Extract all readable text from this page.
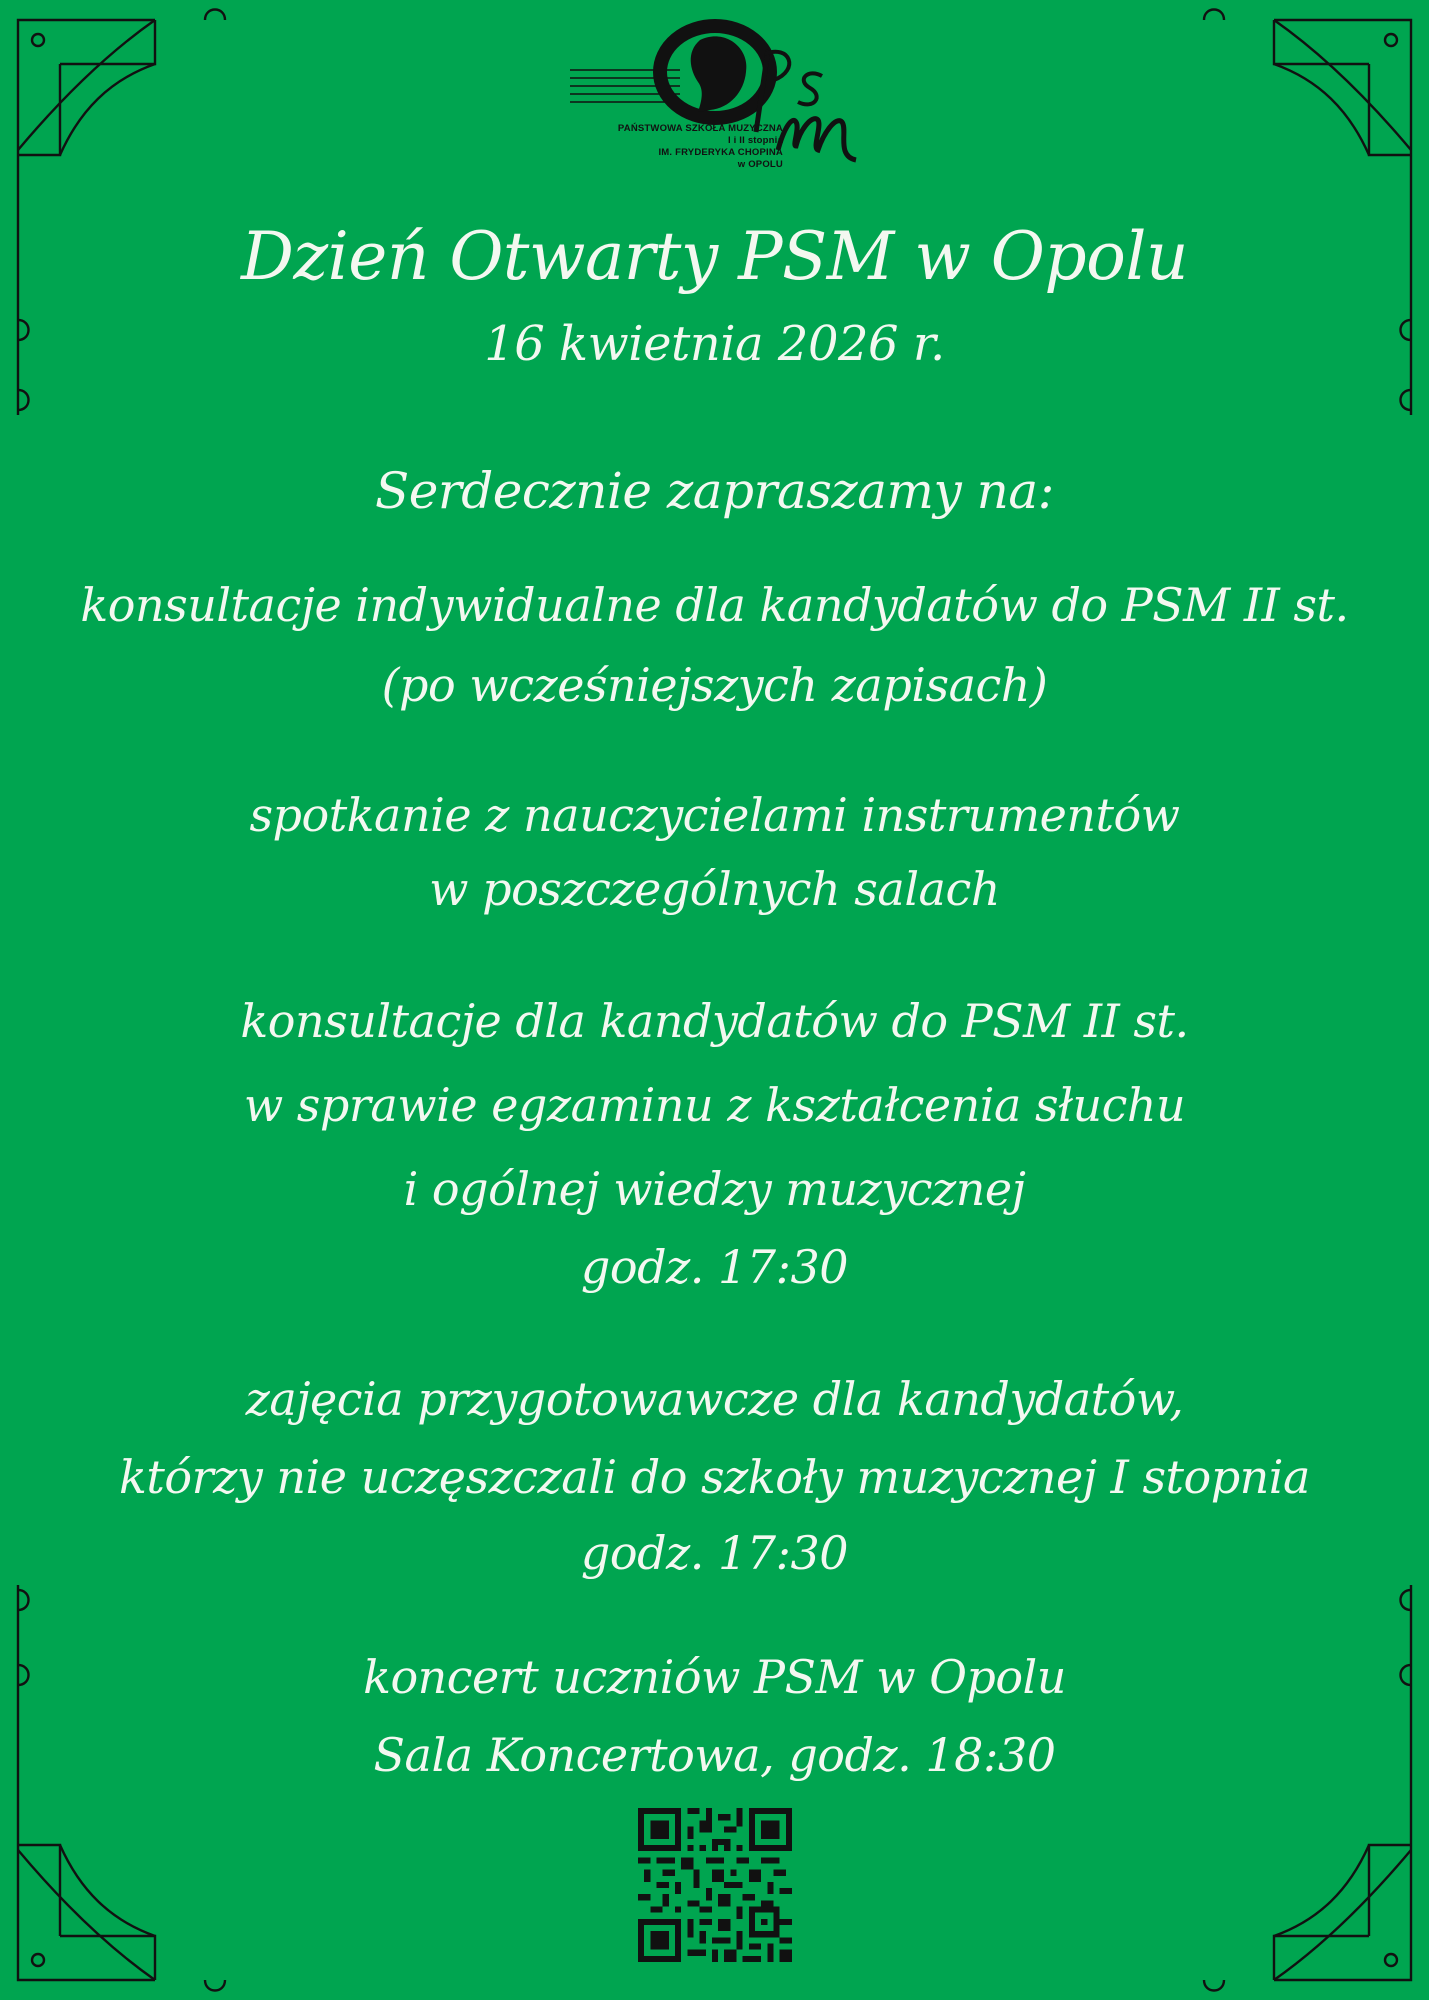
PAŃSTWOWA SZKOŁA MUZYCZNA
I i II stopnia
IM. FRYDERYKA CHOPINA
w OPOLU
Dzień Otwarty PSM w Opolu
16 kwietnia 2026 r.
Serdecznie zapraszamy na:
konsultacje indywidualne dla kandydatów do PSM II st.
(po wcześniejszych zapisach)
spotkanie z nauczycielami instrumentów
w poszczególnych salach
konsultacje dla kandydatów do PSM II st.
w sprawie egzaminu z kształcenia słuchu
i ogólnej wiedzy muzycznej
godz. 17:30
zajęcia przygotowawcze dla kandydatów,
którzy nie uczęszczali do szkoły muzycznej I stopnia
godz. 17:30
koncert uczniów PSM w Opolu
Sala Koncertowa, godz. 18:30
